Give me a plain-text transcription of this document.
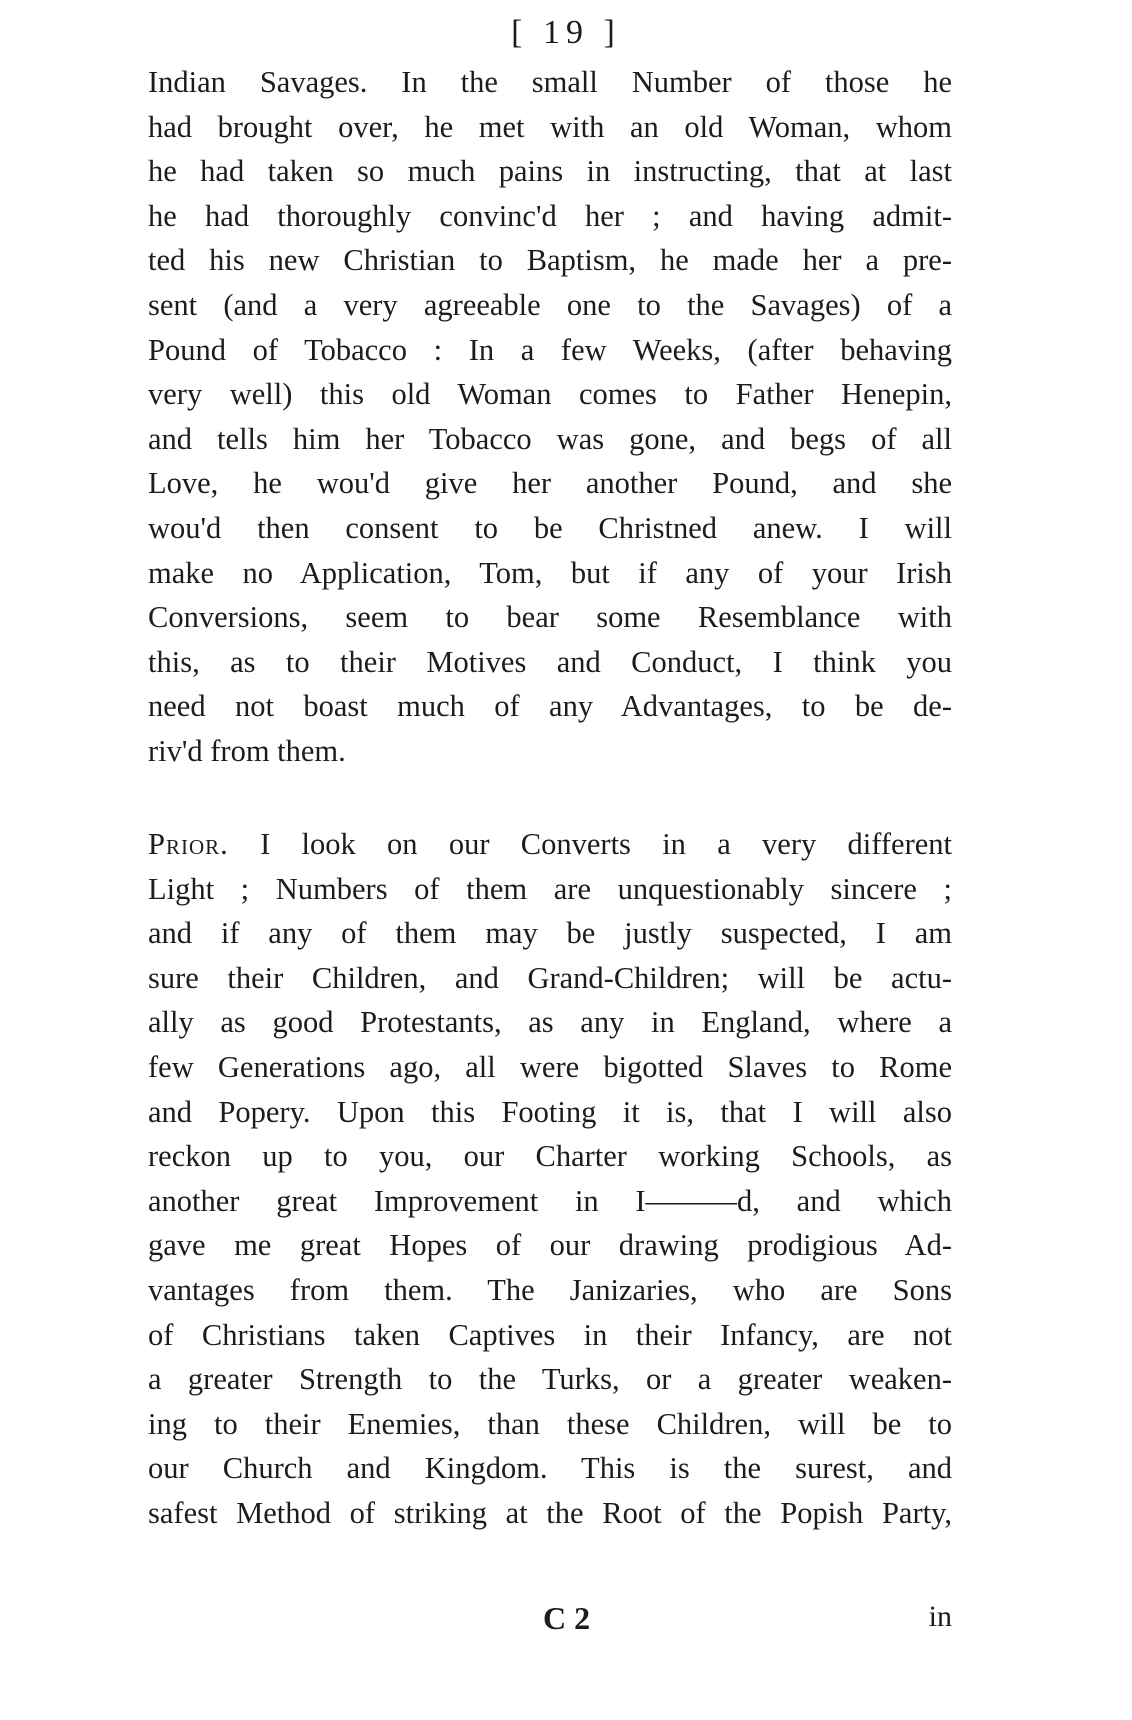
[ 19 ]
Indian Savages. In the small Number of those he
had brought over, he met with an old Woman, whom
he had taken so much pains in instructing, that at last
he had thoroughly convinc'd her ; and having admit-
ted his new Christian to Baptism, he made her a pre-
sent (and a very agreeable one to the Savages) of a
Pound of Tobacco : In a few Weeks, (after behaving
very well) this old Woman comes to Father Henepin,
and tells him her Tobacco was gone, and begs of all
Love, he wou'd give her another Pound, and she
wou'd then consent to be Christned anew. I will
make no Application, Tom, but if any of your Irish
Conversions, seem to bear some Resemblance with
this, as to their Motives and Conduct, I think you
need not boast much of any Advantages, to be de-
riv'd from them.
Prior. I look on our Converts in a very different
Light ; Numbers of them are unquestionably sincere ;
and if any of them may be justly suspected, I am
sure their Children, and Grand-Children; will be actu-
ally as good Protestants, as any in England, where a
few Generations ago, all were bigotted Slaves to Rome
and Popery. Upon this Footing it is, that I will also
reckon up to you, our Charter working Schools, as
another great Improvement in I———d, and which
gave me great Hopes of our drawing prodigious Ad-
vantages from them. The Janizaries, who are Sons
of Christians taken Captives in their Infancy, are not
a greater Strength to the Turks, or a greater weaken-
ing to their Enemies, than these Children, will be to
our Church and Kingdom. This is the surest, and
safest Method of striking at the Root of the Popish Party,
C 2	in
